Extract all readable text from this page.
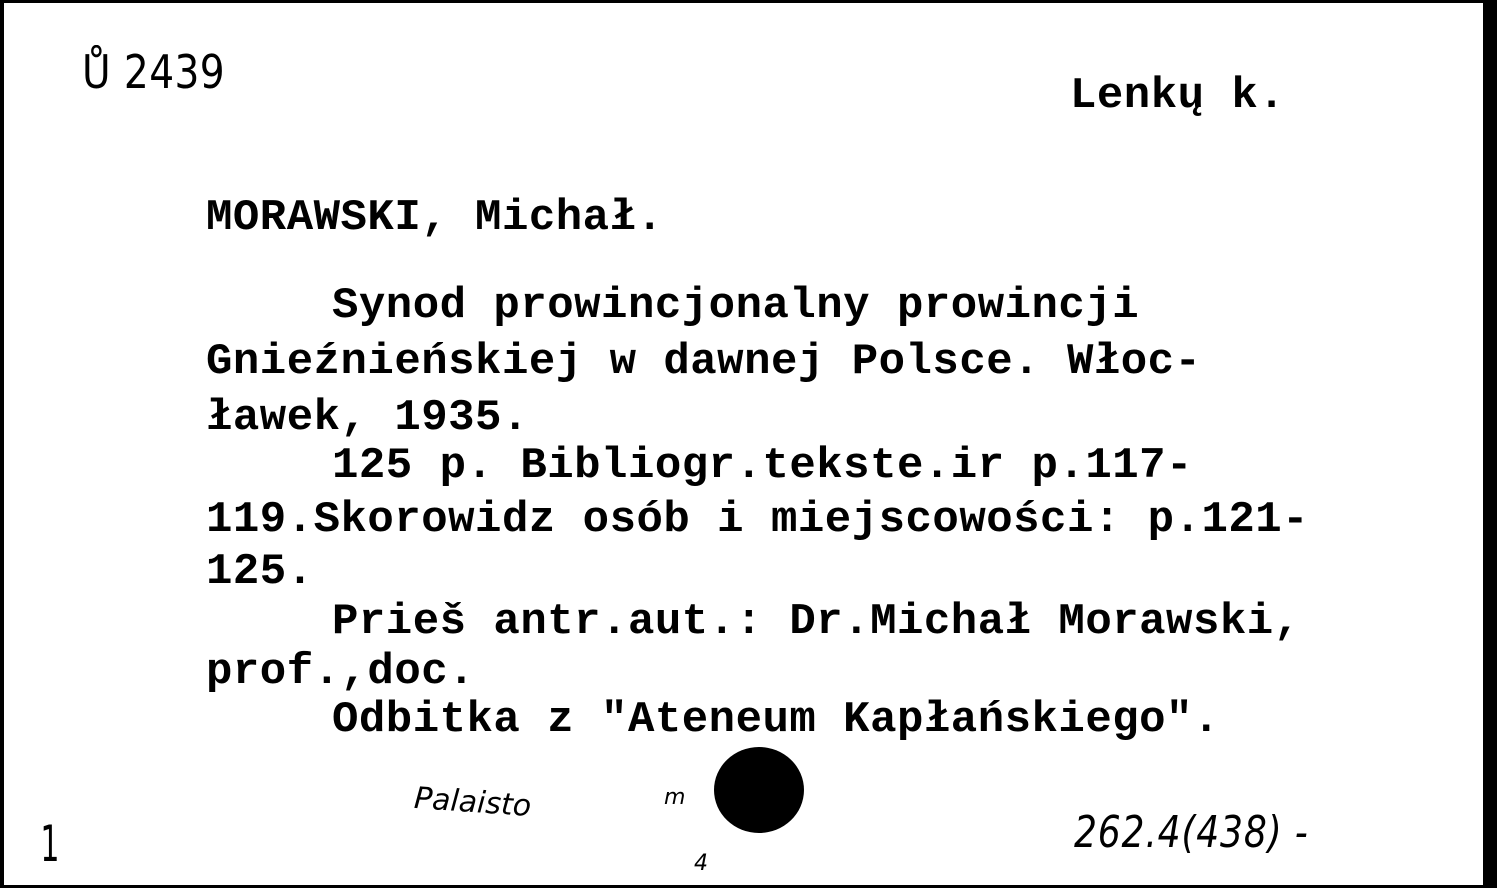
Ů 2439	Lenkų k.
MORAWSKI, Michał.
Synod prowincjonalny prowincji
Gnieźnieńskiej w dawnej Polsce. Włoc-
ławek, 1935.
125 p. Bibliogr.tekste.ir p.117-
119.Skorowidz osób i miejscowości: p.121-
125.
Prieš antr.aut.: Dr.Michał Morawski,
prof.,doc.
Odbitka z "Ateneum Kapłańskiego".
Palaisto	m
4
1	262.4(438) -
